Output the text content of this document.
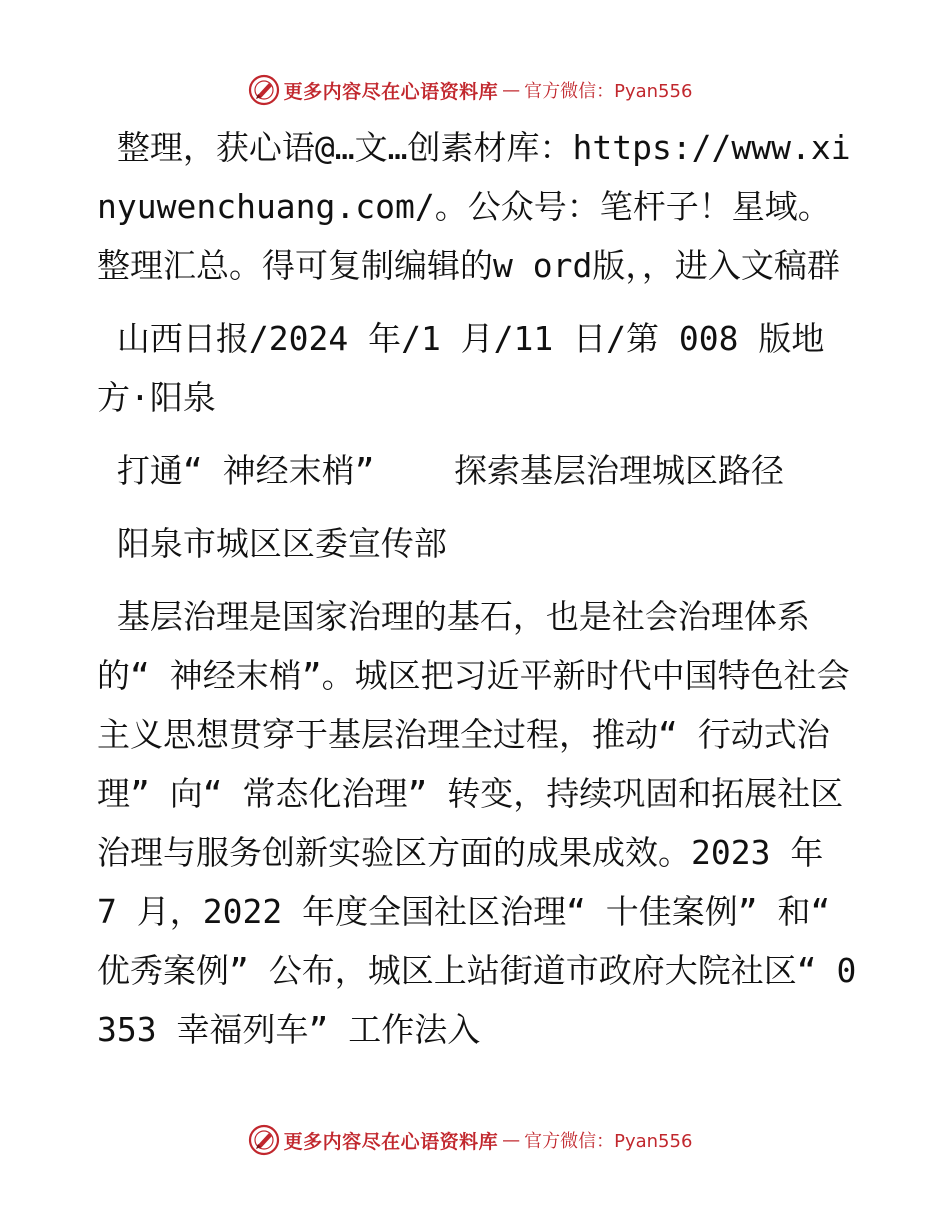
更多内容尽在心语资料库 — 官方微信：Pyan556

整理，获心语@…文…创素材库：https://www.xinyuwenchuang.com/。公众号：笔杆子！星域。整理汇总。得可复制编辑的w ord版，，进入文稿群

山西日报/2024 年/1 月/11 日/第 008 版地方·阳泉

打通“ 神经末梢”    探索基层治理城区路径

阳泉市城区区委宣传部

基层治理是国家治理的基石，也是社会治理体系的“ 神经末梢”。城区把习近平新时代中国特色社会主义思想贯穿于基层治理全过程，推动“ 行动式治理” 向“ 常态化治理” 转变，持续巩固和拓展社区治理与服务创新实验区方面的成果成效。2023 年 7 月，2022 年度全国社区治理“ 十佳案例” 和“ 优秀案例” 公布，城区上站街道市政府大院社区“ 0353 幸福列车” 工作法入

更多内容尽在心语资料库 — 官方微信：Pyan556
